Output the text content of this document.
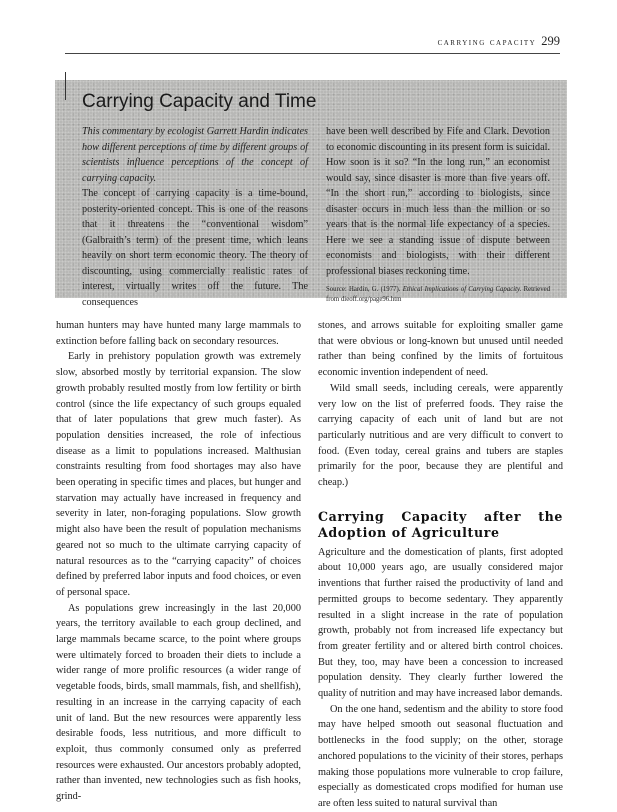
carrying capacity 299
Carrying Capacity and Time

This commentary by ecologist Garrett Hardin indicates how different perceptions of time by different groups of scientists influence perceptions of the concept of carrying capacity.

The concept of carrying capacity is a time-bound, posterity-oriented concept. This is one of the reasons that it threatens the “conventional wisdom” (Galbraith’s term) of the present time, which leans heavily on short term economic theory. The theory of discounting, using commercially realistic rates of interest, virtually writes off the future. The consequences

have been well described by Fife and Clark. Devotion to economic discounting in its present form is suicidal. How soon is it so? “In the long run,” an economist would say, since disaster is more than five years off. “In the short run,” according to biologists, since disaster occurs in much less than the million or so years that is the normal life expectancy of a species. Here we see a standing issue of dispute between economists and biologists, with their different professional biases reckoning time.

Source: Hardin, G. (1977). Ethical Implications of Carrying Capacity. Retrieved from dieoff.org/page96.htm

human hunters may have hunted many large mammals to extinction before falling back on secondary resources.

Early in prehistory population growth was extremely slow, absorbed mostly by territorial expansion. The slow growth probably resulted mostly from low fertility or birth control (since the life expectancy of such groups equaled that of later populations that grew much faster). As population densities increased, the role of infectious disease as a limit to populations increased. Malthusian constraints resulting from food shortages may also have been operating in specific times and places, but hunger and starvation may actually have increased in frequency and severity in later, non-foraging populations. Slow growth might also have been the result of population mechanisms geared not so much to the ultimate carrying capacity of natural resources as to the “carrying capacity” of choices defined by preferred labor inputs and food choices, or even of personal space.

As populations grew increasingly in the last 20,000 years, the territory available to each group declined, and large mammals became scarce, to the point where groups were ultimately forced to broaden their diets to include a wider range of more prolific resources (a wider range of vegetable foods, birds, small mammals, fish, and shellfish), resulting in an increase in the carrying capacity of each unit of land. But the new resources were apparently less desirable foods, less nutritious, and more difficult to exploit, thus commonly consumed only as preferred resources were exhausted. Our ancestors probably adopted, rather than invented, new technologies such as fish hooks, grind-

stones, and arrows suitable for exploiting smaller game that were obvious or long-known but unused until needed rather than being confined by the limits of fortuitous economic invention independent of need.

Wild small seeds, including cereals, were apparently very low on the list of preferred foods. They raise the carrying capacity of each unit of land but are not particularly nutritious and are very difficult to convert to food. (Even today, cereal grains and tubers are staples primarily for the poor, because they are plentiful and cheap.)

Carrying Capacity after the Adoption of Agriculture

Agriculture and the domestication of plants, first adopted about 10,000 years ago, are usually considered major inventions that further raised the productivity of land and permitted groups to become sedentary. They apparently resulted in a slight increase in the rate of population growth, probably not from increased life expectancy but from greater fertility and or altered birth control choices. But they, too, may have been a concession to increased population density. They clearly further lowered the quality of nutrition and may have increased labor demands.

On the one hand, sedentism and the ability to store food may have helped smooth out seasonal fluctuation and bottlenecks in the food supply; on the other, storage anchored populations to the vicinity of their stores, perhaps making those populations more vulnerable to crop failure, especially as domesticated crops modified for human use are often less suited to natural survival than
